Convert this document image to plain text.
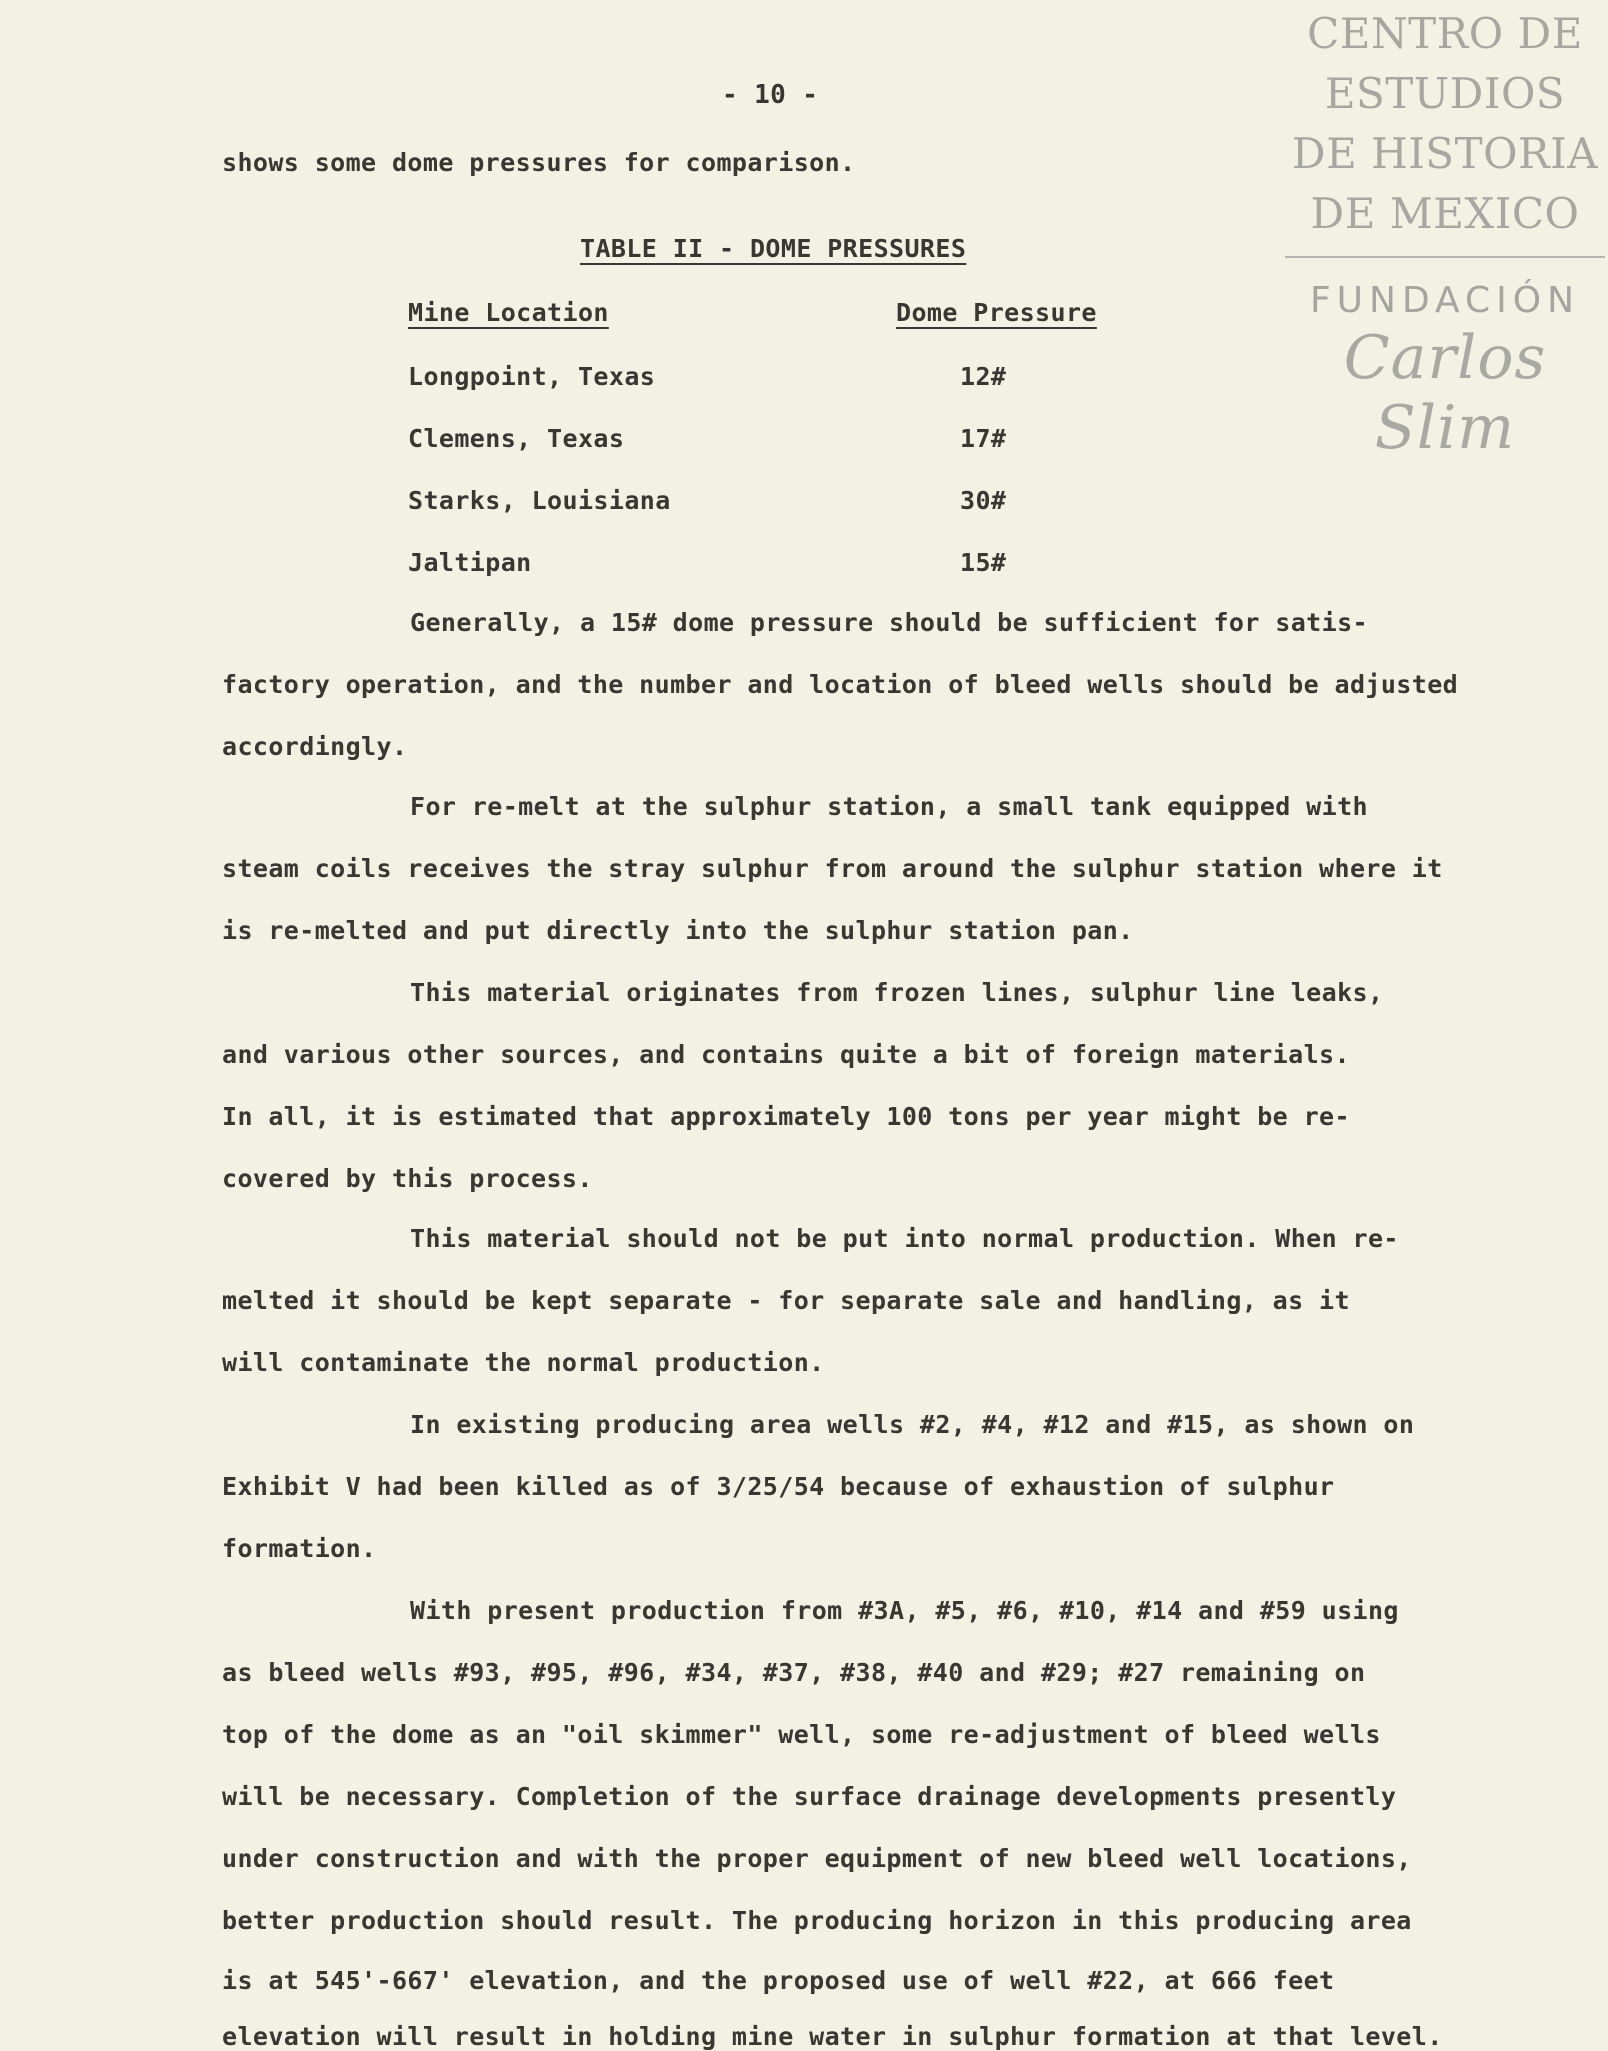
CENTRO DE
ESTUDIOS
DE HISTORIA
DE MEXICO
FUNDACIÓN
Carlos Slim
- 10 -
shows some dome pressures for comparison.
TABLE II - DOME PRESSURES
Mine Location	Dome Pressure
Longpoint, Texas	12#
Clemens, Texas	17#
Starks, Louisiana	30#
Jaltipan	15#
Generally, a 15# dome pressure should be sufficient for satis-
factory operation, and the number and location of bleed wells should be adjusted
accordingly.
For re-melt at the sulphur station, a small tank equipped with
steam coils receives the stray sulphur from around the sulphur station where it
is re-melted and put directly into the sulphur station pan.
This material originates from frozen lines, sulphur line leaks,
and various other sources, and contains quite a bit of foreign materials.
In all, it is estimated that approximately 100 tons per year might be re-
covered by this process.
This material should not be put into normal production. When re-
melted it should be kept separate - for separate sale and handling, as it
will contaminate the normal production.
In existing producing area wells #2, #4, #12 and #15, as shown on
Exhibit V had been killed as of 3/25/54 because of exhaustion of sulphur
formation.
With present production from #3A, #5, #6, #10, #14 and #59 using
as bleed wells #93, #95, #96, #34, #37, #38, #40 and #29; #27 remaining on
top of the dome as an "oil skimmer" well, some re-adjustment of bleed wells
will be necessary. Completion of the surface drainage developments presently
under construction and with the proper equipment of new bleed well locations,
better production should result. The producing horizon in this producing area
is at 545'-667' elevation, and the proposed use of well #22, at 666 feet
elevation will result in holding mine water in sulphur formation at that level.
